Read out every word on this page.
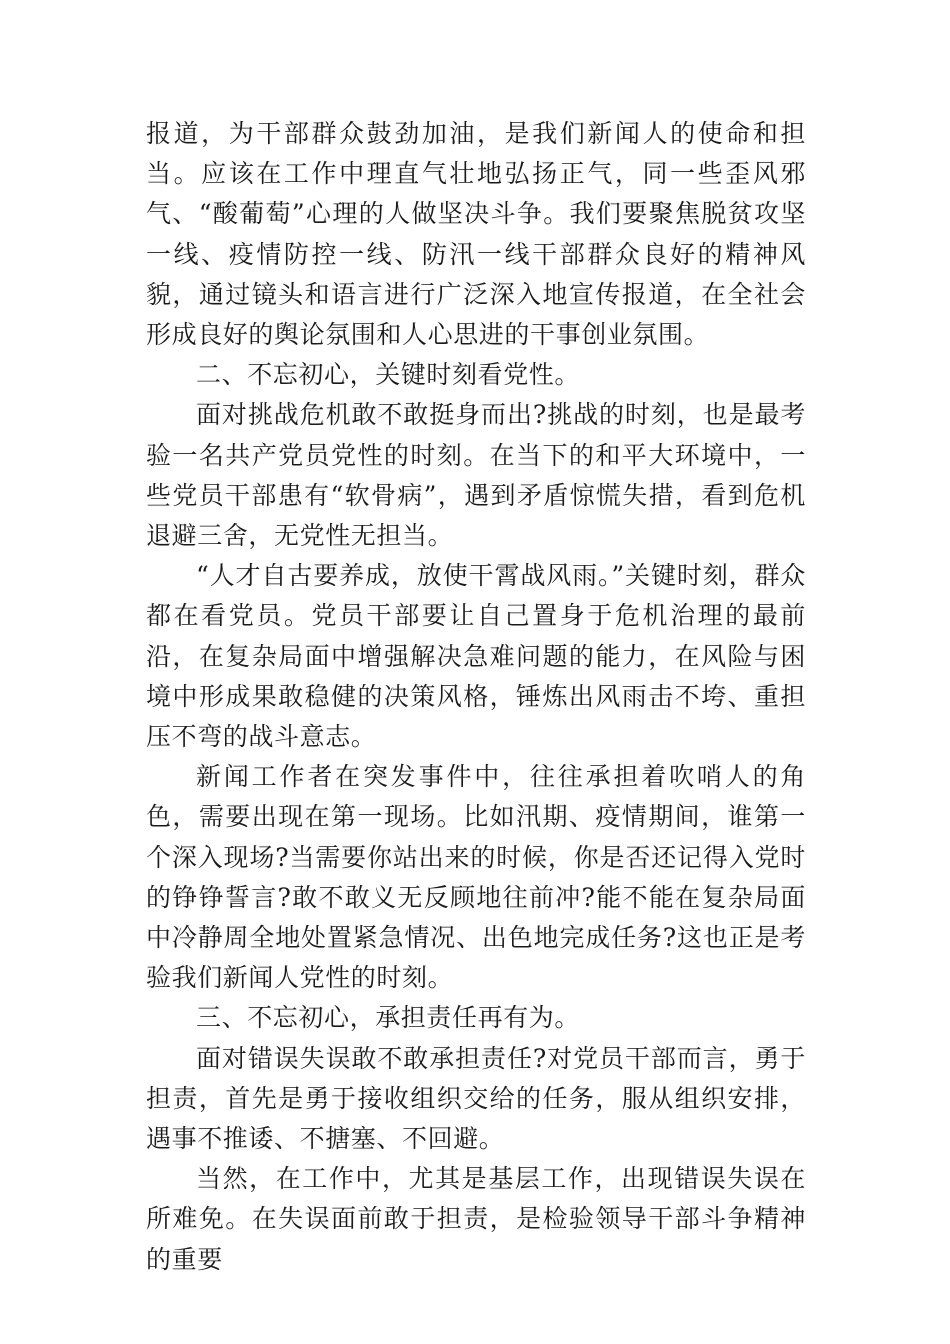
报道，为干部群众鼓劲加油，是我们新闻人的使命和担当。应该在工作中理直气壮地弘扬正气，同一些歪风邪气、“酸葡萄”心理的人做坚决斗争。我们要聚焦脱贫攻坚一线、疫情防控一线、防汛一线干部群众良好的精神风貌，通过镜头和语言进行广泛深入地宣传报道，在全社会形成良好的舆论氛围和人心思进的干事创业氛围。

二、不忘初心，关键时刻看党性。

面对挑战危机敢不敢挺身而出?挑战的时刻，也是最考验一名共产党员党性的时刻。在当下的和平大环境中，一些党员干部患有“软骨病”，遇到矛盾惊慌失措，看到危机退避三舍，无党性无担当。

“人才自古要养成，放使干霄战风雨。”关键时刻，群众都在看党员。党员干部要让自己置身于危机治理的最前沿，在复杂局面中增强解决急难问题的能力，在风险与困境中形成果敢稳健的决策风格，锤炼出风雨击不垮、重担压不弯的战斗意志。

新闻工作者在突发事件中，往往承担着吹哨人的角色，需要出现在第一现场。比如汛期、疫情期间，谁第一个深入现场?当需要你站出来的时候，你是否还记得入党时的铮铮誓言?敢不敢义无反顾地往前冲?能不能在复杂局面中冷静周全地处置紧急情况、出色地完成任务?这也正是考验我们新闻人党性的时刻。

三、不忘初心，承担责任再有为。

面对错误失误敢不敢承担责任?对党员干部而言，勇于担责，首先是勇于接收组织交给的任务，服从组织安排，遇事不推诿、不搪塞、不回避。

当然，在工作中，尤其是基层工作，出现错误失误在所难免。在失误面前敢于担责，是检验领导干部斗争精神的重要
